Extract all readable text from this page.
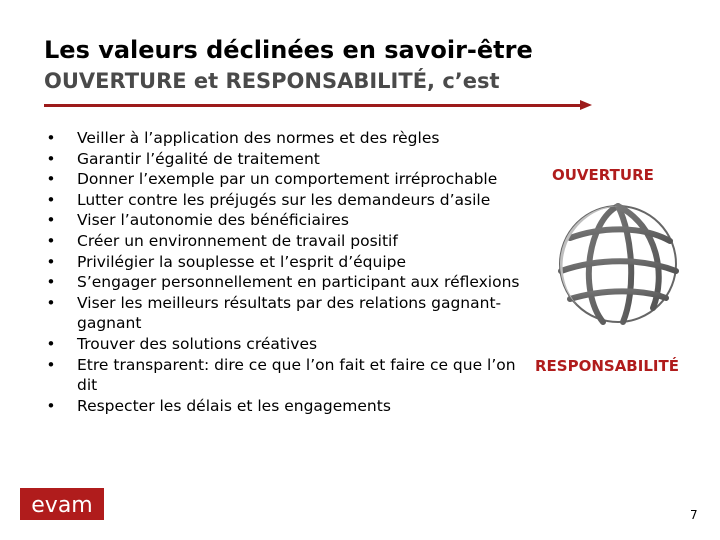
Les valeurs déclinées en savoir-être
OUVERTURE et RESPONSABILITÉ, c’est
• Veiller à l’application des normes et des règles
• Garantir l’égalité de traitement
• Donner l’exemple par un comportement irréprochable
• Lutter contre les préjugés sur les demandeurs d’asile
• Viser l’autonomie des bénéficiaires
• Créer un environnement de travail positif
• Privilégier la souplesse et l’esprit d’équipe
• S’engager personnellement en participant aux réflexions
• Viser les meilleurs résultats par des relations gagnant-gagnant
• Trouver des solutions créatives
• Etre transparent: dire ce que l’on fait et faire ce que l’on dit
• Respecter les délais et les engagements
OUVERTURE
RESPONSABILITÉ
evam	7
